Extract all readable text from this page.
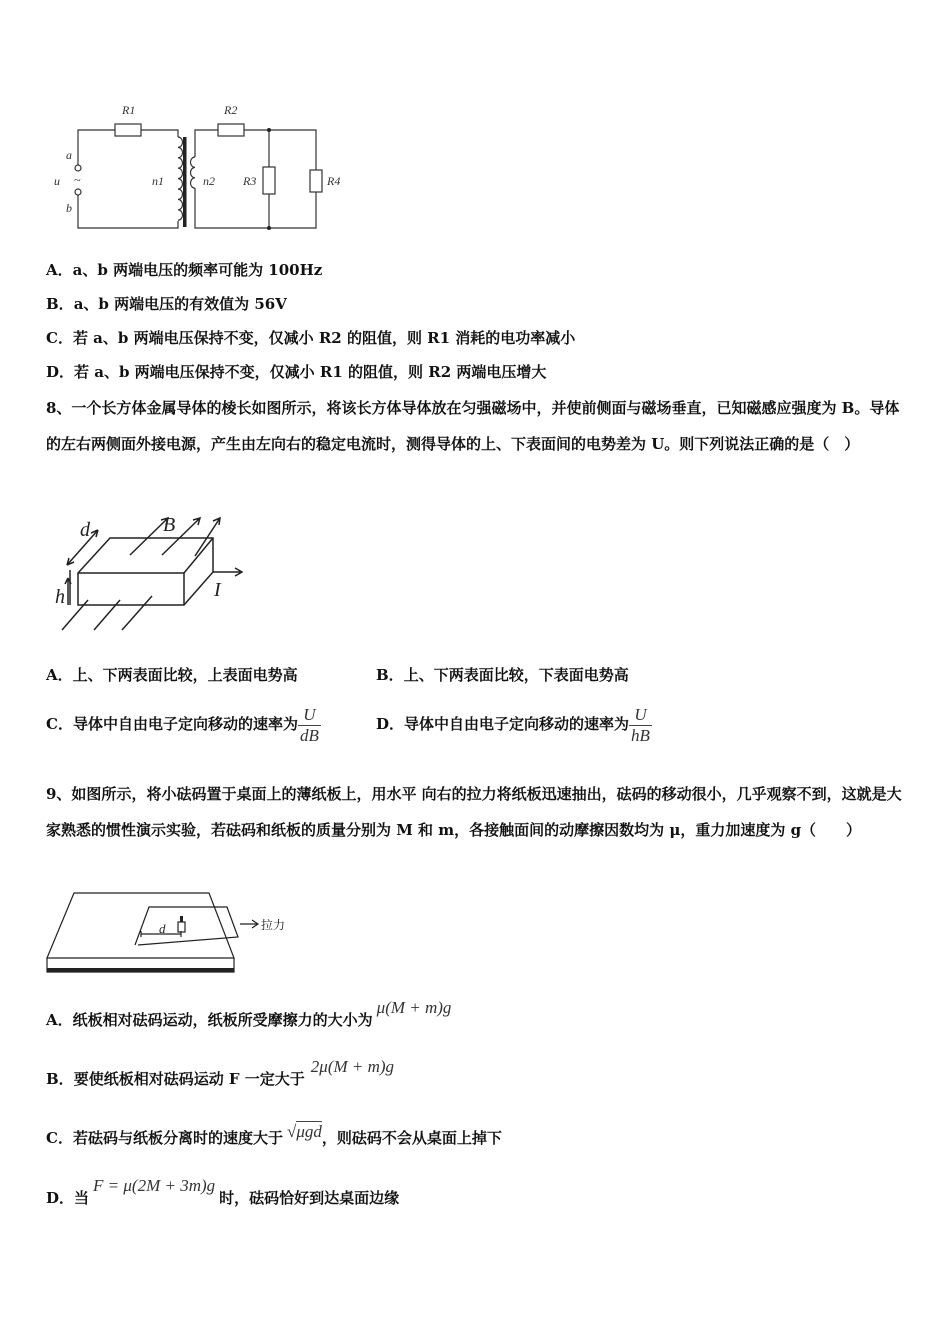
R1	R2
R3	R4
n1	n2
a
b
u ~
A．a、b 两端电压的频率可能为 100Hz
B．a、b 两端电压的有效值为 56V
C．若 a、b 两端电压保持不变，仅减小 R2 的阻值，则 R1 消耗的电功率减小
D．若 a、b 两端电压保持不变，仅减小 R1 的阻值，则 R2 两端电压增大
8、一个长方体金属导体的棱长如图所示，将该长方体导体放在匀强磁场中，并使前侧面与磁场垂直，已知磁感应强度为 B。导体的左右两侧面外接电源，产生由左向右的稳定电流时，测得导体的上、下表面间的电势差为 U。则下列说法正确的是（　）
d	B
h	I
A．上、下两表面比较，上表面电势高	B．上、下两表面比较，下表面电势高
C．导体中自由电子定向移动的速率为 $\frac{U}{dB}$	D．导体中自由电子定向移动的速率为 $\frac{U}{hB}$
9、如图所示，将小砝码置于桌面上的薄纸板上，用水平 向右的拉力将纸板迅速抽出，砝码的移动很小，几乎观察不到，这就是大家熟悉的惯性演示实验，若砝码和纸板的质量分别为 M 和 m，各接触面间的动摩擦因数均为 μ，重力加速度为 g（　　）
d	拉力
A．纸板相对砝码运动，纸板所受摩擦力的大小为μ(M + m)g
B．要使纸板相对砝码运动 F 一定大于2μ(M + m)g
C．若砝码与纸板分离时的速度大于 √μgd，则砝码不会从桌面上掉下
D．当F = μ(2M + 3m)g时，砝码恰好到达桌面边缘
